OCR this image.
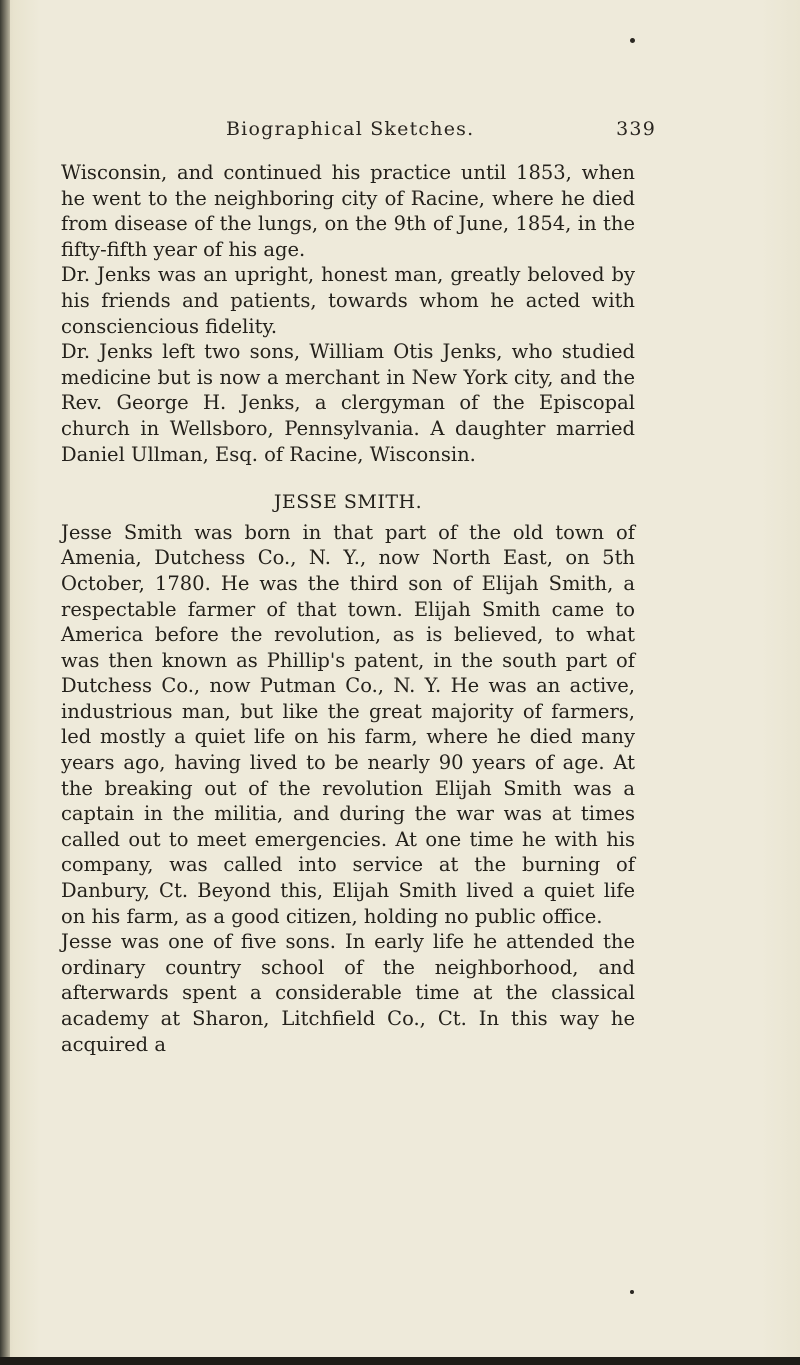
Biographical Sketches.	339

Wisconsin, and continued his practice until 1853, when he went to the neighboring city of Racine, where he died from disease of the lungs, on the 9th of June, 1854, in the fifty-fifth year of his age.

Dr. Jenks was an upright, honest man, greatly beloved by his friends and patients, towards whom he acted with consciencious fidelity.

Dr. Jenks left two sons, William Otis Jenks, who studied medicine but is now a merchant in New York city, and the Rev. George H. Jenks, a clergyman of the Episcopal church in Wellsboro, Pennsylvania. A daughter married Daniel Ullman, Esq. of Racine, Wisconsin.

JESSE SMITH.

Jesse Smith was born in that part of the old town of Amenia, Dutchess Co., N. Y., now North East, on 5th October, 1780. He was the third son of Elijah Smith, a respectable farmer of that town. Elijah Smith came to America before the revolution, as is believed, to what was then known as Phillip's patent, in the south part of Dutchess Co., now Putman Co., N. Y. He was an active, industrious man, but like the great majority of farmers, led mostly a quiet life on his farm, where he died many years ago, having lived to be nearly 90 years of age. At the breaking out of the revolution Elijah Smith was a captain in the militia, and during the war was at times called out to meet emergencies. At one time he with his company, was called into service at the burning of Danbury, Ct. Beyond this, Elijah Smith lived a quiet life on his farm, as a good citizen, holding no public office.

Jesse was one of five sons. In early life he attended the ordinary country school of the neighborhood, and afterwards spent a considerable time at the classical academy at Sharon, Litchfield Co., Ct. In this way he acquired a
